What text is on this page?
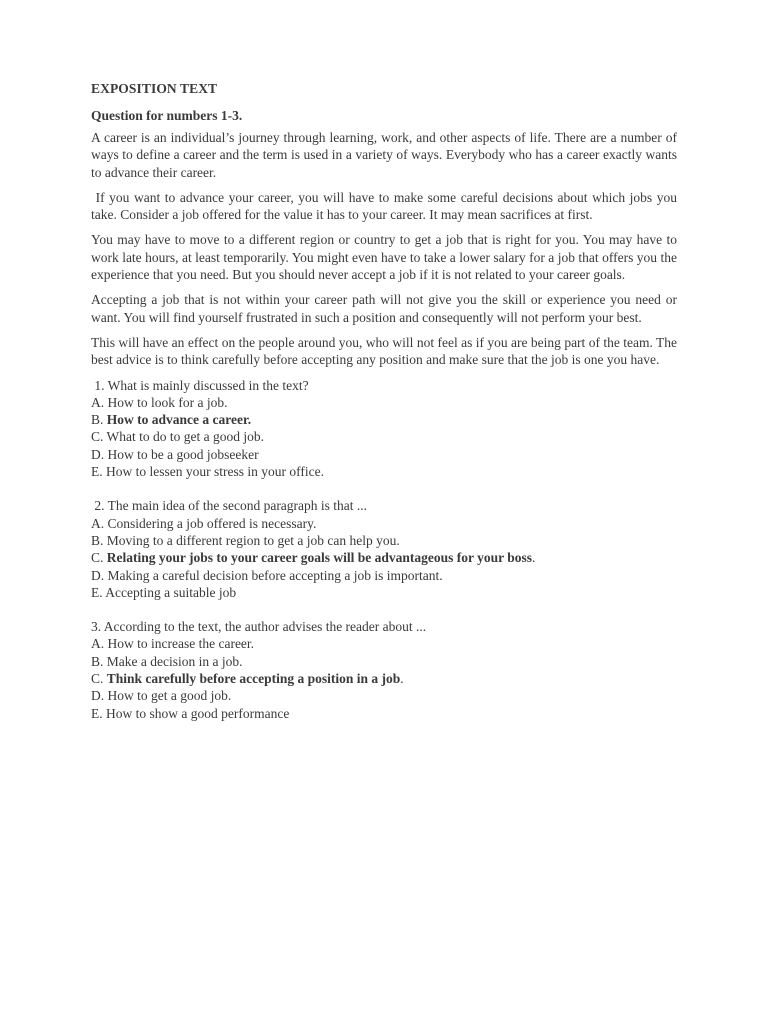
EXPOSITION TEXT
Question for numbers 1-3.

A career is an individual’s journey through learning, work, and other aspects of life. There are a number of ways to define a career and the term is used in a variety of ways. Everybody who has a career exactly wants to advance their career.

If you want to advance your career, you will have to make some careful decisions about which jobs you take. Consider a job offered for the value it has to your career. It may mean sacrifices at first.

You may have to move to a different region or country to get a job that is right for you. You may have to work late hours, at least temporarily. You might even have to take a lower salary for a job that offers you the experience that you need. But you should never accept a job if it is not related to your career goals.

Accepting a job that is not within your career path will not give you the skill or experience you need or want. You will find yourself frustrated in such a position and consequently will not perform your best.

This will have an effect on the people around you, who will not feel as if you are being part of the team. The best advice is to think carefully before accepting any position and make sure that the job is one you have.

1. What is mainly discussed in the text?
A. How to look for a job.
B. How to advance a career.
C. What to do to get a good job.
D. How to be a good jobseeker
E. How to lessen your stress in your office.
2. The main idea of the second paragraph is that ...
A. Considering a job offered is necessary.
B. Moving to a different region to get a job can help you.
C. Relating your jobs to your career goals will be advantageous for your boss.
D. Making a careful decision before accepting a job is important.
E. Accepting a suitable job
3. According to the text, the author advises the reader about ...
A. How to increase the career.
B. Make a decision in a job.
C. Think carefully before accepting a position in a job.
D. How to get a good job.
E. How to show a good performance
